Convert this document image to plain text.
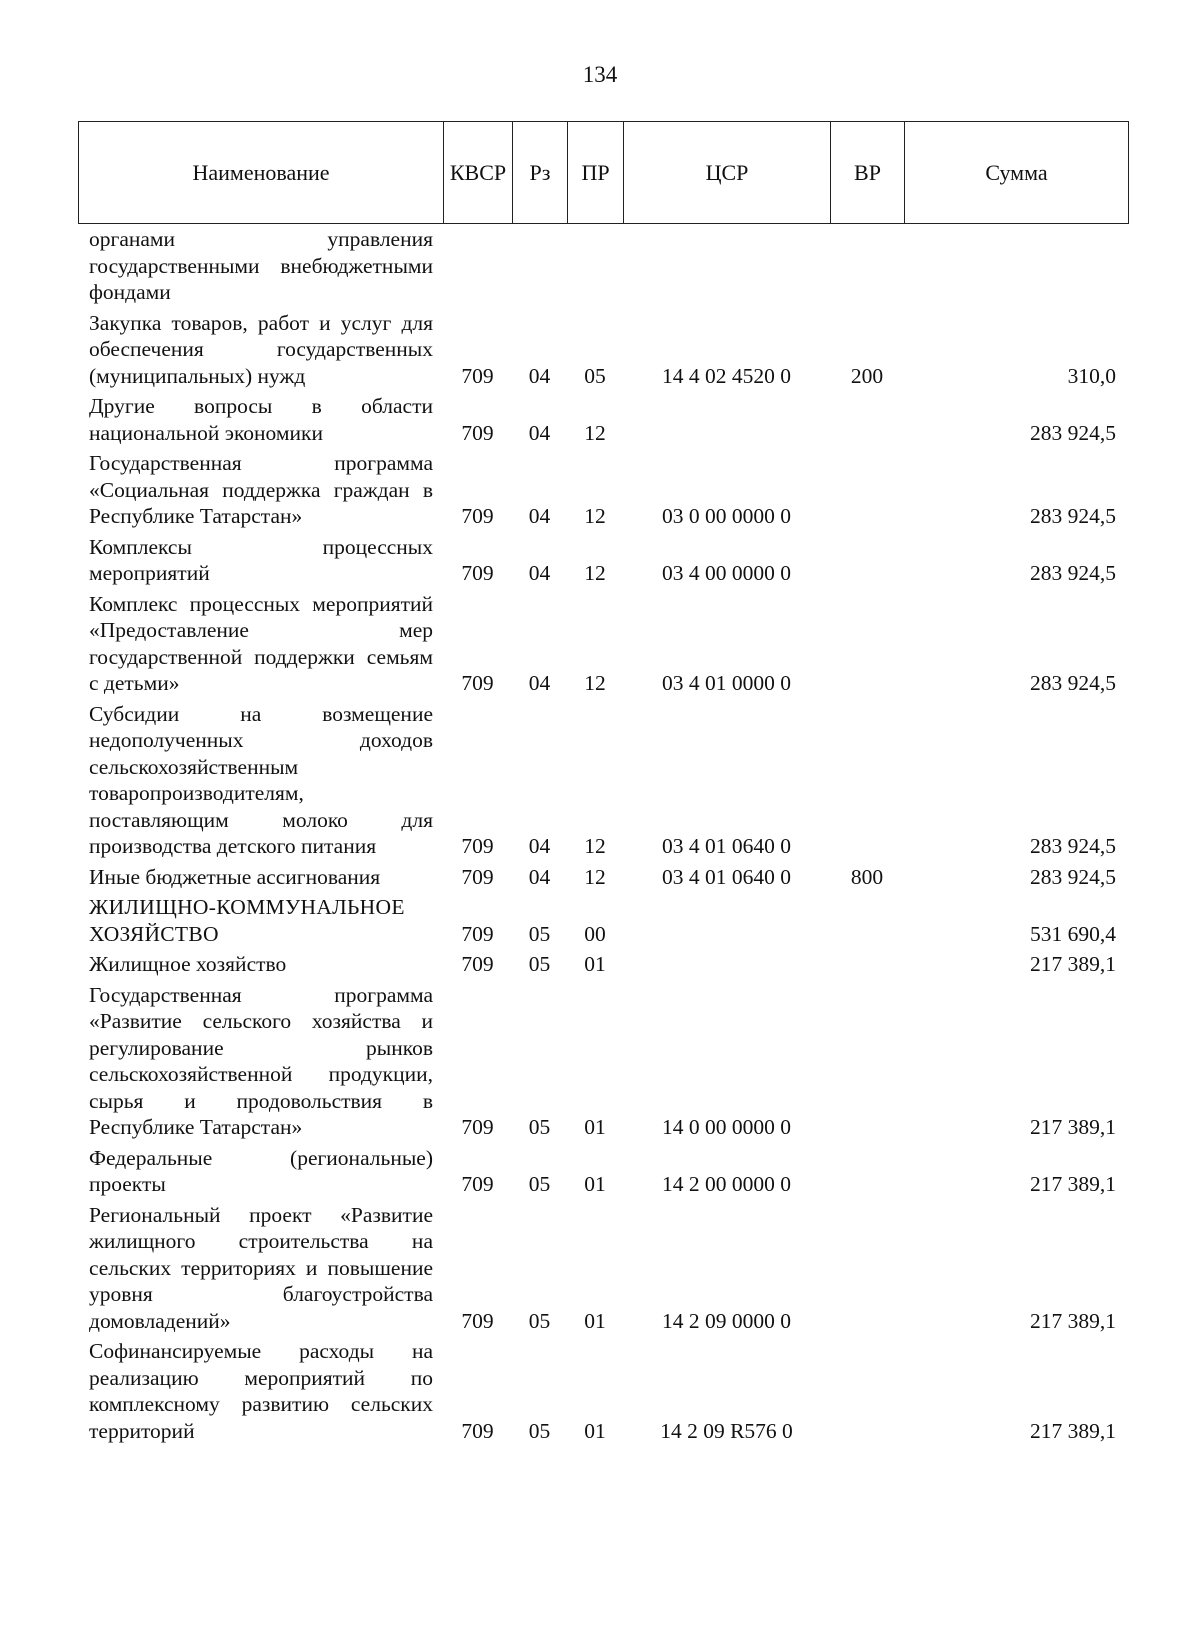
134
Наименование	КВСР	Рз	ПР	ЦСР	ВР	Сумма
органами управления государственными внебюджетными фондами						
Закупка товаров, работ и услуг для обеспечения государственных (муниципальных) нужд	709	04	05	14 4 02 4520 0	200	310,0
Другие вопросы в области национальной экономики	709	04	12			283 924,5
Государственная программа «Социальная поддержка граждан в Республике Татарстан»	709	04	12	03 0 00 0000 0		283 924,5
Комплексы процессных мероприятий	709	04	12	03 4 00 0000 0		283 924,5
Комплекс процессных мероприятий «Предоставление мер государственной поддержки семьям с детьми»	709	04	12	03 4 01 0000 0		283 924,5
Субсидии на возмещение недополученных доходов сельскохозяйственным товаропроизводителям, поставляющим молоко для производства детского питания	709	04	12	03 4 01 0640 0		283 924,5
Иные бюджетные ассигнования	709	04	12	03 4 01 0640 0	800	283 924,5
ЖИЛИЩНО-КОММУНАЛЬНОЕ ХОЗЯЙСТВО	709	05	00			531 690,4
Жилищное хозяйство	709	05	01			217 389,1
Государственная программа «Развитие сельского хозяйства и регулирование рынков сельскохозяйственной продукции, сырья и продовольствия в Республике Татарстан»	709	05	01	14 0 00 0000 0		217 389,1
Федеральные (региональные) проекты	709	05	01	14 2 00 0000 0		217 389,1
Региональный проект «Развитие жилищного строительства на сельских территориях и повышение уровня благоустройства домовладений»	709	05	01	14 2 09 0000 0		217 389,1
Софинансируемые расходы на реализацию мероприятий по комплексному развитию сельских территорий	709	05	01	14 2 09 R576 0		217 389,1
